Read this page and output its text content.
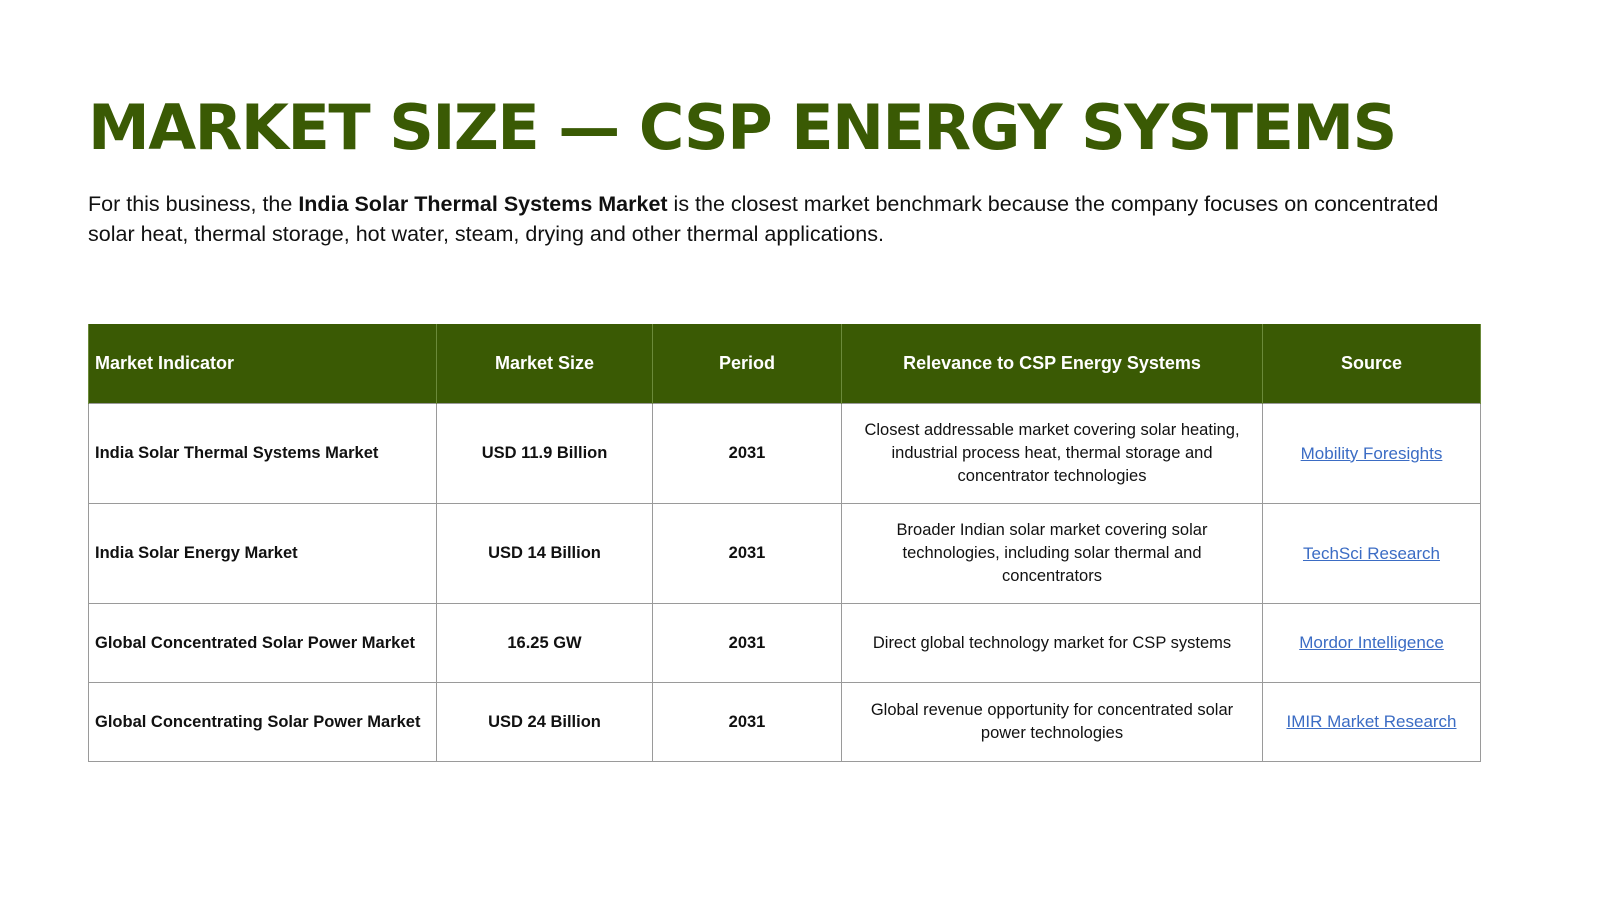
MARKET SIZE — CSP ENERGY SYSTEMS

For this business, the India Solar Thermal Systems Market is the closest market benchmark because the company focuses on concentrated solar heat, thermal storage, hot water, steam, drying and other thermal applications.

Market Indicator	Market Size	Period	Relevance to CSP Energy Systems	Source
India Solar Thermal Systems Market	USD 11.9 Billion	2031	Closest addressable market covering solar heating, industrial process heat, thermal storage and concentrator technologies	Mobility Foresights
India Solar Energy Market	USD 14 Billion	2031	Broader Indian solar market covering solar technologies, including solar thermal and concentrators	TechSci Research
Global Concentrated Solar Power Market	16.25 GW	2031	Direct global technology market for CSP systems	Mordor Intelligence
Global Concentrating Solar Power Market	USD 24 Billion	2031	Global revenue opportunity for concentrated solar power technologies	IMIR Market Research
